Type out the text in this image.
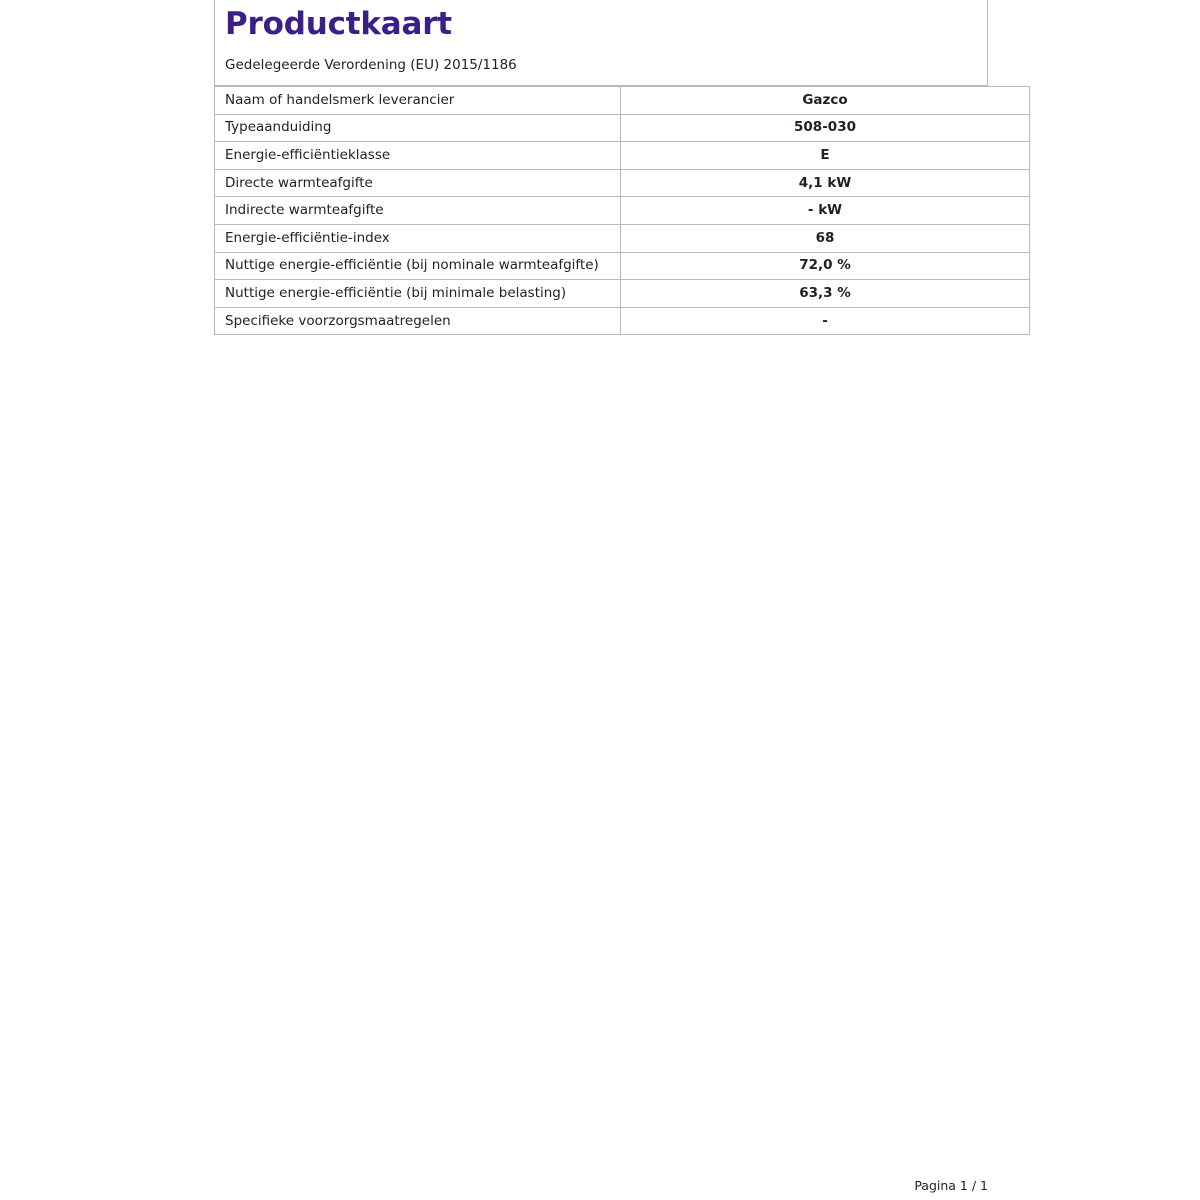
Productkaart
Gedelegeerde Verordening (EU) 2015/1186
Naam of handelsmerk leverancier	Gazco
Typeaanduiding	508-030
Energie-efficiëntieklasse	E
Directe warmteafgifte	4,1 kW
Indirecte warmteafgifte	- kW
Energie-efficiëntie-index	68
Nuttige energie-efficiëntie (bij nominale warmteafgifte)	72,0 %
Nuttige energie-efficiëntie (bij minimale belasting)	63,3 %
Specifieke voorzorgsmaatregelen	-
Pagina 1 / 1
